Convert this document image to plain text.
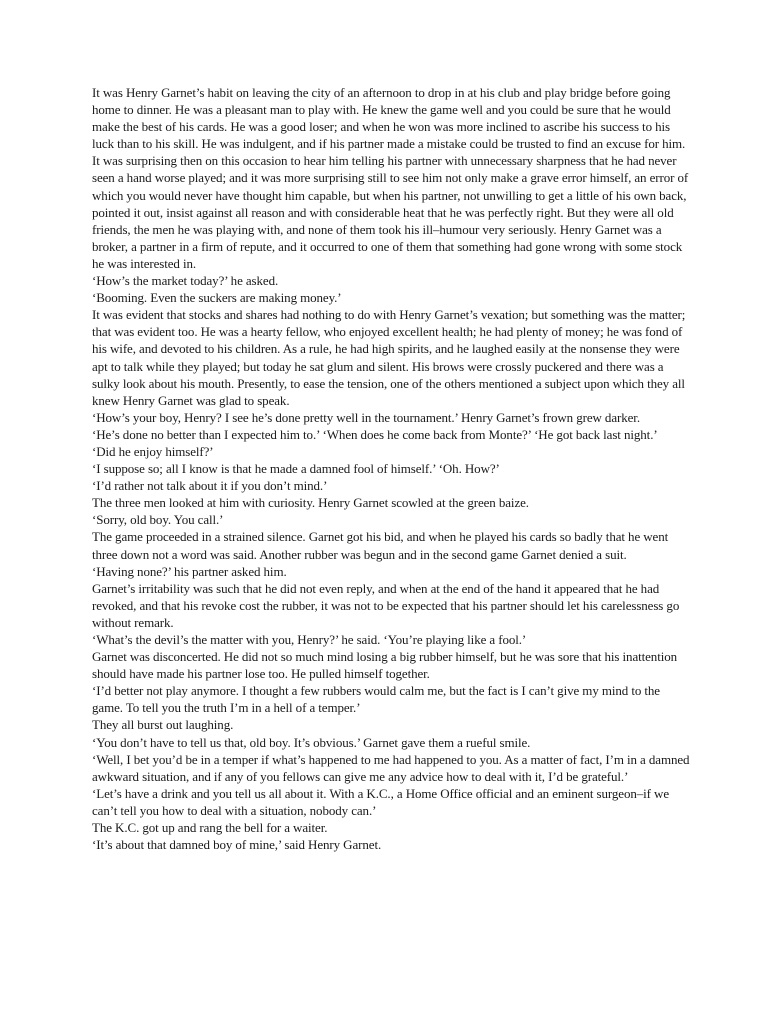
It was Henry Garnet’s habit on leaving the city of an afternoon to drop in at his club and play bridge before going home to dinner. He was a pleasant man to play with. He knew the game well and you could be sure that he would make the best of his cards. He was a good loser; and when he won was more inclined to ascribe his success to his luck than to his skill. He was indulgent, and if his partner made a mistake could be trusted to find an excuse for him. It was surprising then on this occasion to hear him telling his partner with unnecessary sharpness that he had never seen a hand worse played; and it was more surprising still to see him not only make a grave error himself, an error of which you would never have thought him capable, but when his partner, not unwilling to get a little of his own back, pointed it out, insist against all reason and with considerable heat that he was perfectly right. But they were all old friends, the men he was playing with, and none of them took his ill–humour very seriously. Henry Garnet was a broker, a partner in a firm of repute, and it occurred to one of them that something had gone wrong with some stock he was interested in.

‘How’s the market today?’ he asked.

‘Booming. Even the suckers are making money.’

It was evident that stocks and shares had nothing to do with Henry Garnet’s vexation; but something was the matter; that was evident too. He was a hearty fellow, who enjoyed excellent health; he had plenty of money; he was fond of his wife, and devoted to his children. As a rule, he had high spirits, and he laughed easily at the nonsense they were apt to talk while they played; but today he sat glum and silent. His brows were crossly puckered and there was a sulky look about his mouth. Presently, to ease the tension, one of the others mentioned a subject upon which they all knew Henry Garnet was glad to speak.

‘How’s your boy, Henry? I see he’s done pretty well in the tournament.’ Henry Garnet’s frown grew darker.

‘He’s done no better than I expected him to.’ ‘When does he come back from Monte?’ ‘He got back last night.’

‘Did he enjoy himself?’

‘I suppose so; all I know is that he made a damned fool of himself.’ ‘Oh. How?’

‘I’d rather not talk about it if you don’t mind.’

The three men looked at him with curiosity. Henry Garnet scowled at the green baize.

‘Sorry, old boy. You call.’

The game proceeded in a strained silence. Garnet got his bid, and when he played his cards so badly that he went three down not a word was said. Another rubber was begun and in the second game Garnet denied a suit.

‘Having none?’ his partner asked him.

Garnet’s irritability was such that he did not even reply, and when at the end of the hand it appeared that he had revoked, and that his revoke cost the rubber, it was not to be expected that his partner should let his carelessness go without remark.

‘What’s the devil’s the matter with you, Henry?’ he said. ‘You’re playing like a fool.’

Garnet was disconcerted. He did not so much mind losing a big rubber himself, but he was sore that his inattention should have made his partner lose too. He pulled himself together.

‘I’d better not play anymore. I thought a few rubbers would calm me, but the fact is I can’t give my mind to the game. To tell you the truth I’m in a hell of a temper.’

They all burst out laughing.

‘You don’t have to tell us that, old boy. It’s obvious.’ Garnet gave them a rueful smile.

‘Well, I bet you’d be in a temper if what’s happened to me had happened to you. As a matter of fact, I’m in a damned awkward situation, and if any of you fellows can give me any advice how to deal with it, I’d be grateful.’

‘Let’s have a drink and you tell us all about it. With a K.C., a Home Office official and an eminent surgeon–if we can’t tell you how to deal with a situation, nobody can.’

The K.C. got up and rang the bell for a waiter.

‘It’s about that damned boy of mine,’ said Henry Garnet.
